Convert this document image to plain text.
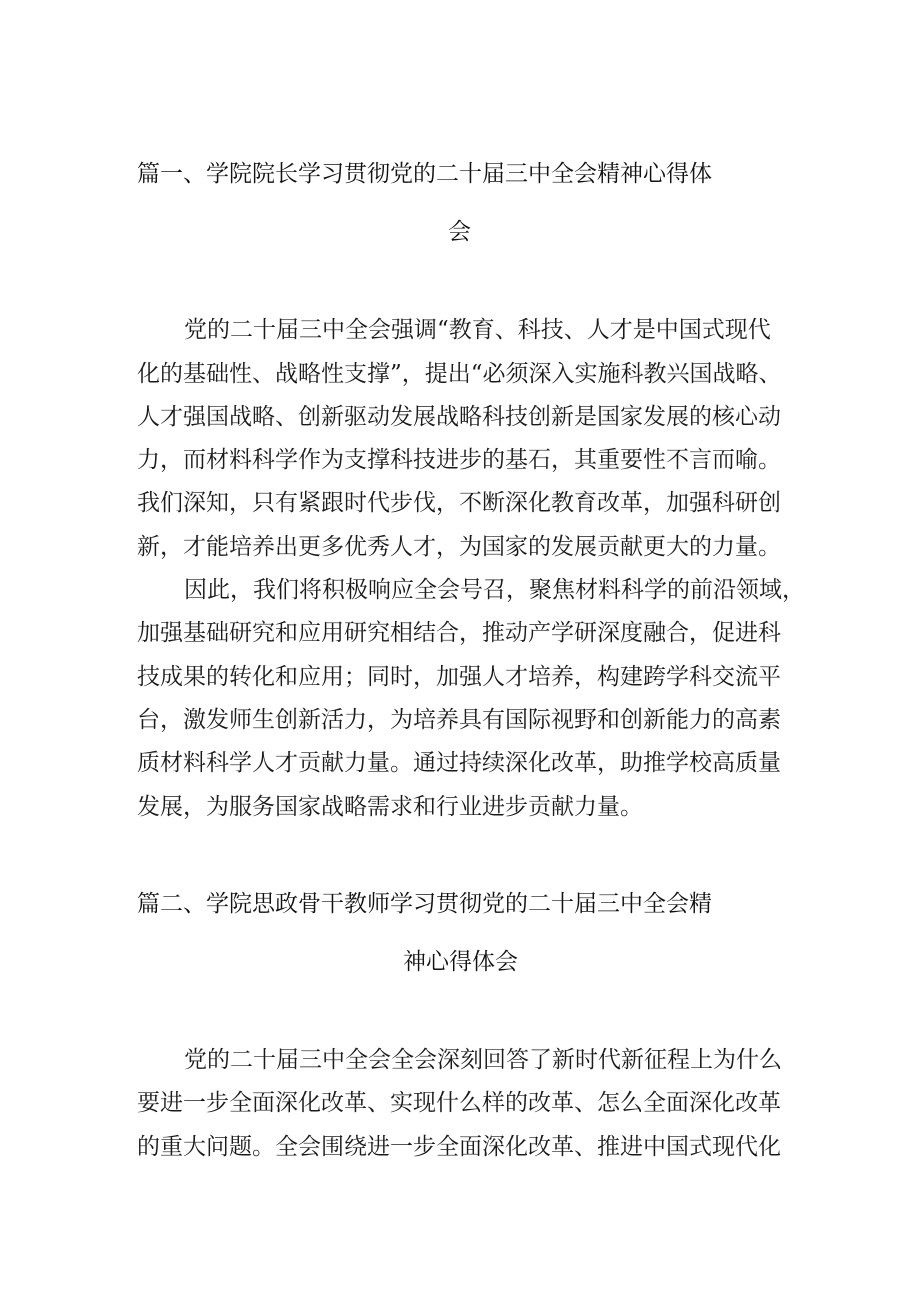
篇一、学院院长学习贯彻党的二十届三中全会精神心得体
会
党的二十届三中全会强调“教育、科技、人才是中国式现代
化的基础性、战略性支撑”，提出“必须深入实施科教兴国战略、
人才强国战略、创新驱动发展战略科技创新是国家发展的核心动
力，而材料科学作为支撑科技进步的基石，其重要性不言而喻。
我们深知，只有紧跟时代步伐，不断深化教育改革，加强科研创
新，才能培养出更多优秀人才，为国家的发展贡献更大的力量。
因此，我们将积极响应全会号召，聚焦材料科学的前沿领域，
加强基础研究和应用研究相结合，推动产学研深度融合，促进科
技成果的转化和应用；同时，加强人才培养，构建跨学科交流平
台，激发师生创新活力，为培养具有国际视野和创新能力的高素
质材料科学人才贡献力量。通过持续深化改革，助推学校高质量
发展，为服务国家战略需求和行业进步贡献力量。
篇二、学院思政骨干教师学习贯彻党的二十届三中全会精
神心得体会
党的二十届三中全会全会深刻回答了新时代新征程上为什么
要进一步全面深化改革、实现什么样的改革、怎么全面深化改革
的重大问题。全会围绕进一步全面深化改革、推进中国式现代化
